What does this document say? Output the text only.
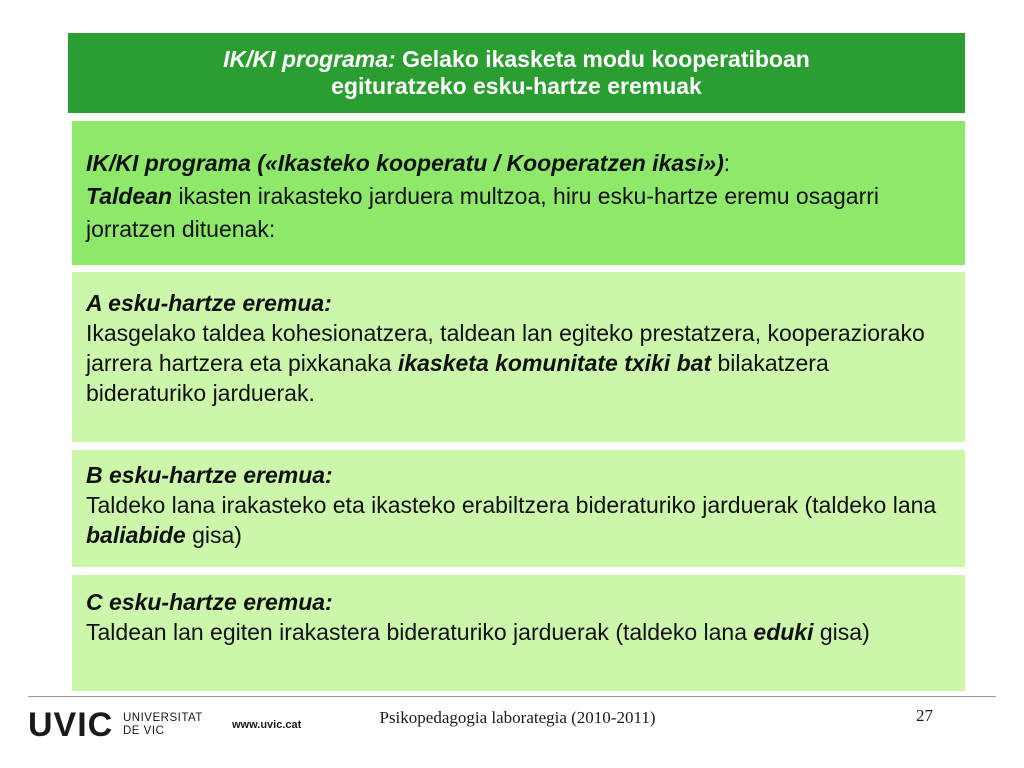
IK/KI programa: Gelako ikasketa modu kooperatiboan
egituratzeko esku-hartze eremuak
IK/KI programa («Ikasteko kooperatu / Kooperatzen ikasi»):
Taldean ikasten irakasteko jarduera multzoa, hiru esku-hartze eremu osagarri jorratzen dituenak:
A esku-hartze eremua:
Ikasgelako taldea kohesionatzera, taldean lan egiteko prestatzera, kooperaziorako jarrera hartzera eta pixkanaka ikasketa komunitate txiki bat bilakatzera bideraturiko jarduerak.
B esku-hartze eremua:
Taldeko lana irakasteko eta ikasteko erabiltzera bideraturiko jarduerak (taldeko lana baliabide gisa)
C esku-hartze eremua:
Taldean lan egiten irakastera bideraturiko jarduerak (taldeko lana eduki gisa)
UVIC UNIVERSITAT
DE VIC	www.uvic.cat	Psikopedagogia laborategia (2010-2011)	27
